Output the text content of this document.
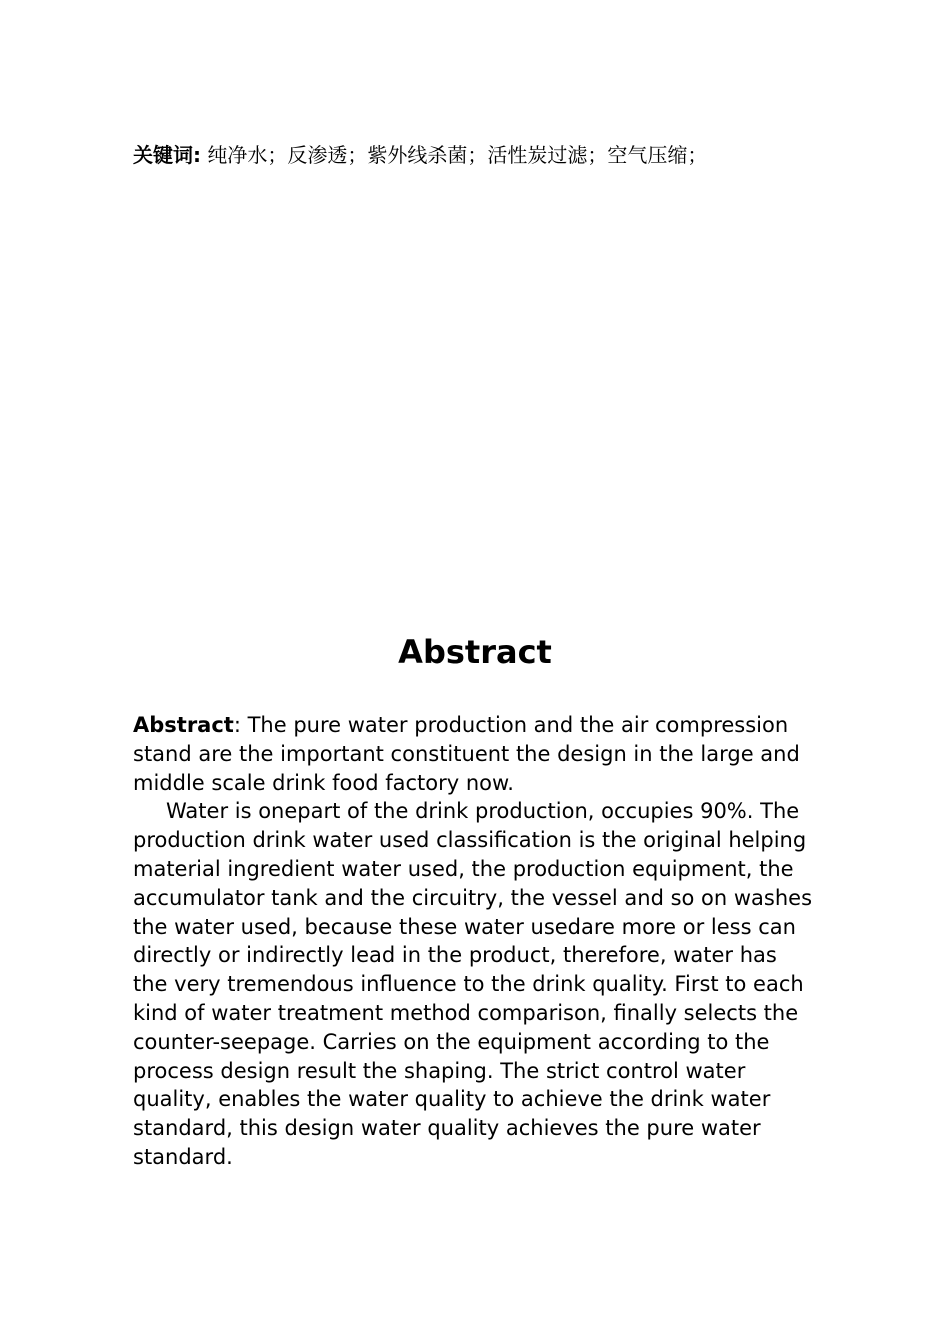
关键词: 纯净水；反渗透；紫外线杀菌；活性炭过滤；空气压缩；
Abstract

Abstract: The pure water production and the air compression stand are the important constituent the design in the large and middle scale drink food factory now.

Water is onepart of the drink production, occupies 90%. The production drink water used classification is the original helping material ingredient water used, the production equipment, the accumulator tank and the circuitry, the vessel and so on washes the water used, because these water usedare more or less can directly or indirectly lead in the product, therefore, water has the very tremendous influence to the drink quality. First to each kind of water treatment method comparison, finally selects the counter-seepage. Carries on the equipment according to the process design result the shaping. The strict control water quality, enables the water quality to achieve the drink water standard, this design water quality achieves the pure water standard.
